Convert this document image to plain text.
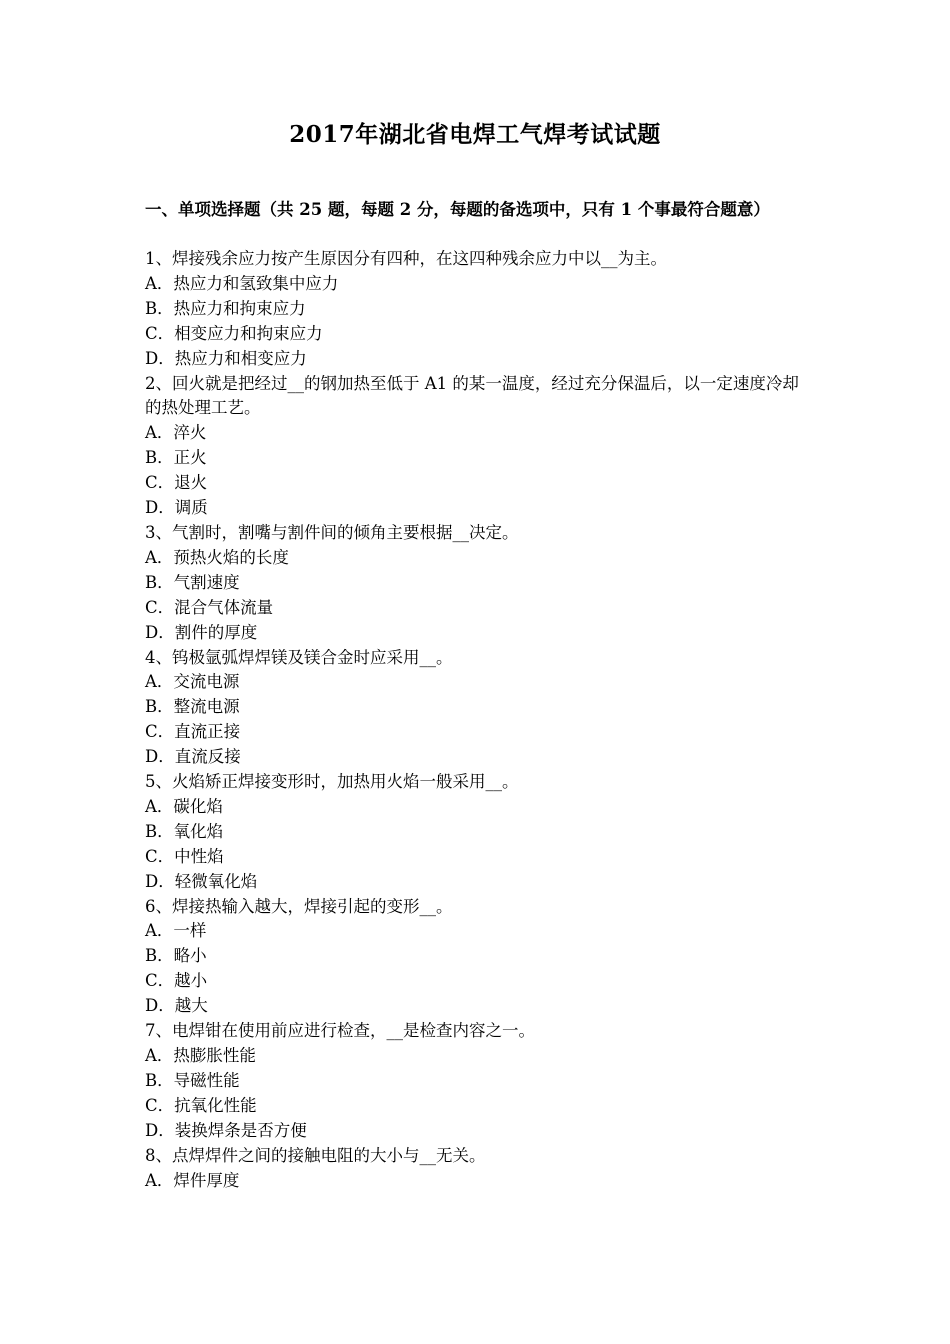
2017年湖北省电焊工气焊考试试题
一、单项选择题（共 25 题，每题 2 分，每题的备选项中，只有 1 个事最符合题意）
1、焊接残余应力按产生原因分有四种，在这四种残余应力中以__为主。
A．热应力和氢致集中应力
B．热应力和拘束应力
C．相变应力和拘束应力
D．热应力和相变应力
2、回火就是把经过__的钢加热至低于 A1 的某一温度，经过充分保温后，以一定速度冷却的热处理工艺。
A．淬火
B．正火
C．退火
D．调质
3、气割时，割嘴与割件间的倾角主要根据__决定。
A．预热火焰的长度
B．气割速度
C．混合气体流量
D．割件的厚度
4、钨极氩弧焊焊镁及镁合金时应采用__。
A．交流电源
B．整流电源
C．直流正接
D．直流反接
5、火焰矫正焊接变形时，加热用火焰一般采用__。
A．碳化焰
B．氧化焰
C．中性焰
D．轻微氧化焰
6、焊接热输入越大，焊接引起的变形__。
A．一样
B．略小
C．越小
D．越大
7、电焊钳在使用前应进行检查，__是检查内容之一。
A．热膨胀性能
B．导磁性能
C．抗氧化性能
D．装换焊条是否方便
8、点焊焊件之间的接触电阻的大小与__无关。
A．焊件厚度
